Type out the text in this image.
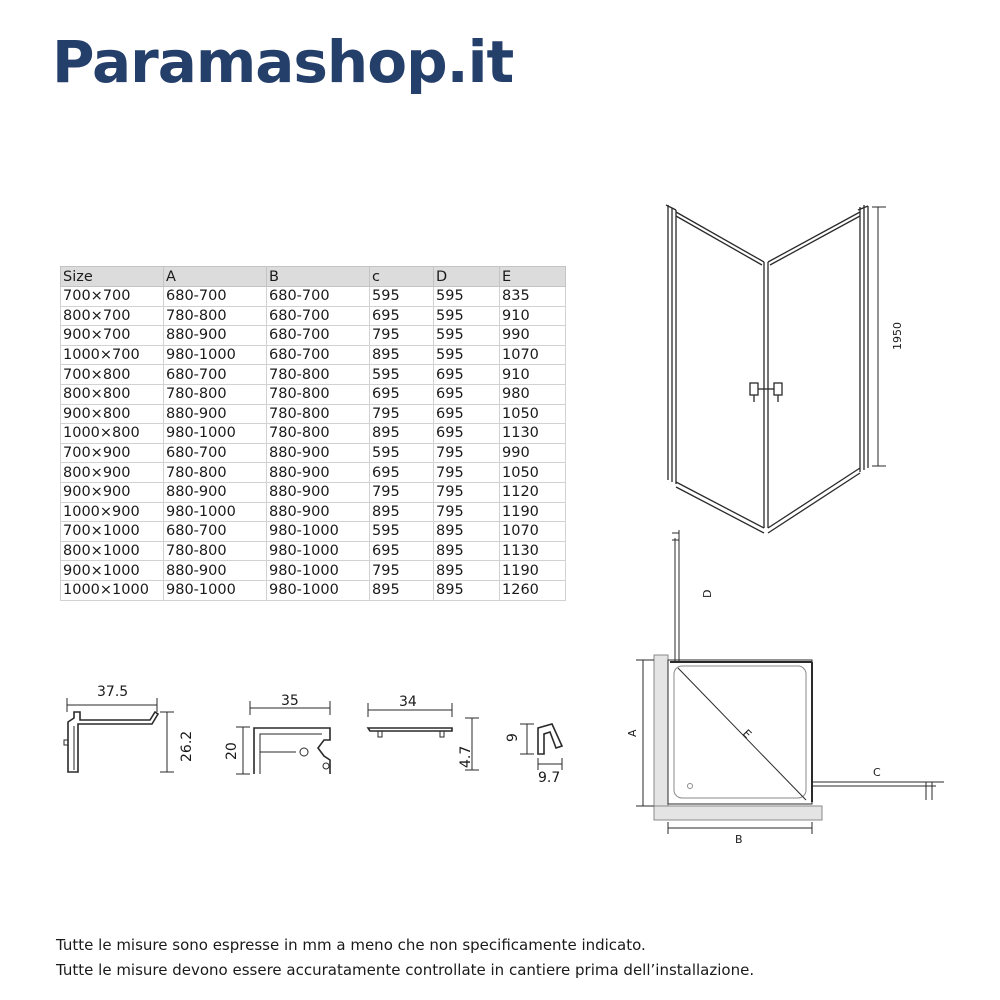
Paramashop.it
Size	A	B	c	D	E
700×700	680-700	680-700	595	595	835
800×700	780-800	680-700	695	595	910
900×700	880-900	680-700	795	595	990
1000×700	980-1000	680-700	895	595	1070
700×800	680-700	780-800	595	695	910
800×800	780-800	780-800	695	695	980
900×800	880-900	780-800	795	695	1050
1000×800	980-1000	780-800	895	695	1130
700×900	680-700	880-900	595	795	990
800×900	780-800	880-900	695	795	1050
900×900	880-900	880-900	795	795	1120
1000×900	980-1000	880-900	895	795	1190
700×1000	680-700	980-1000	595	895	1070
800×1000	780-800	980-1000	695	895	1130
900×1000	880-900	980-1000	795	895	1190
1000×1000	980-1000	980-1000	895	895	1260
1950
37.5
26.2
35
20
34
4.7
9
9.7
D
A	E
C
B
Tutte le misure sono espresse in mm a meno che non specificamente indicato.
Tutte le misure devono essere accuratamente controllate in cantiere prima dell’installazione.
